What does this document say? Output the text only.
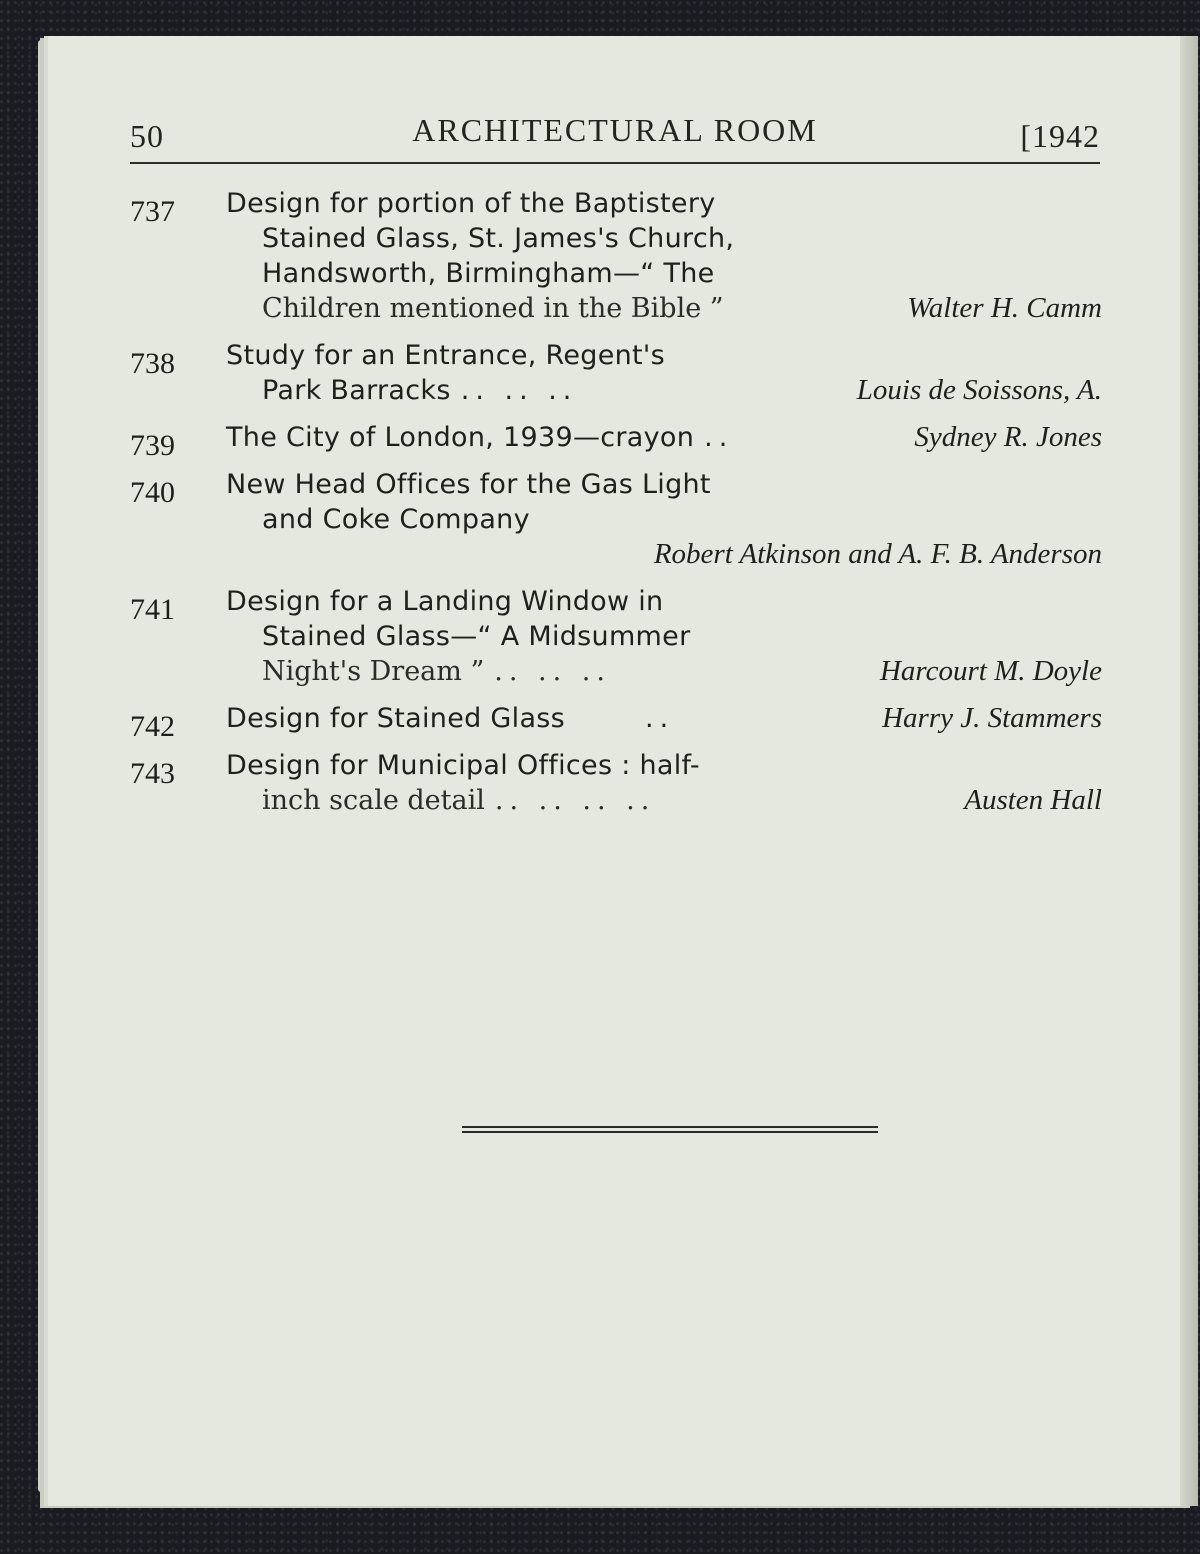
50	ARCHITECTURAL ROOM	[1942
737 Design for portion of the Baptistery
Stained Glass, St. James's Church,
Handsworth, Birmingham—“ The
Children mentioned in the Bible ”	Walter H. Camm
738 Study for an Entrance, Regent's
Park Barracks .. .. ..	Louis de Soissons, A.
739 The City of London, 1939—crayon ..	Sydney R. Jones
740 New Head Offices for the Gas Light
and Coke Company
Robert Atkinson and A. F. B. Anderson
741 Design for a Landing Window in
Stained Glass—“ A Midsummer
Night's Dream ” .. .. ..	Harcourt M. Doyle
742 Design for Stained Glass	..	Harry J. Stammers
743 Design for Municipal Offices : half-
inch scale detail .. .. .. ..	Austen Hall
